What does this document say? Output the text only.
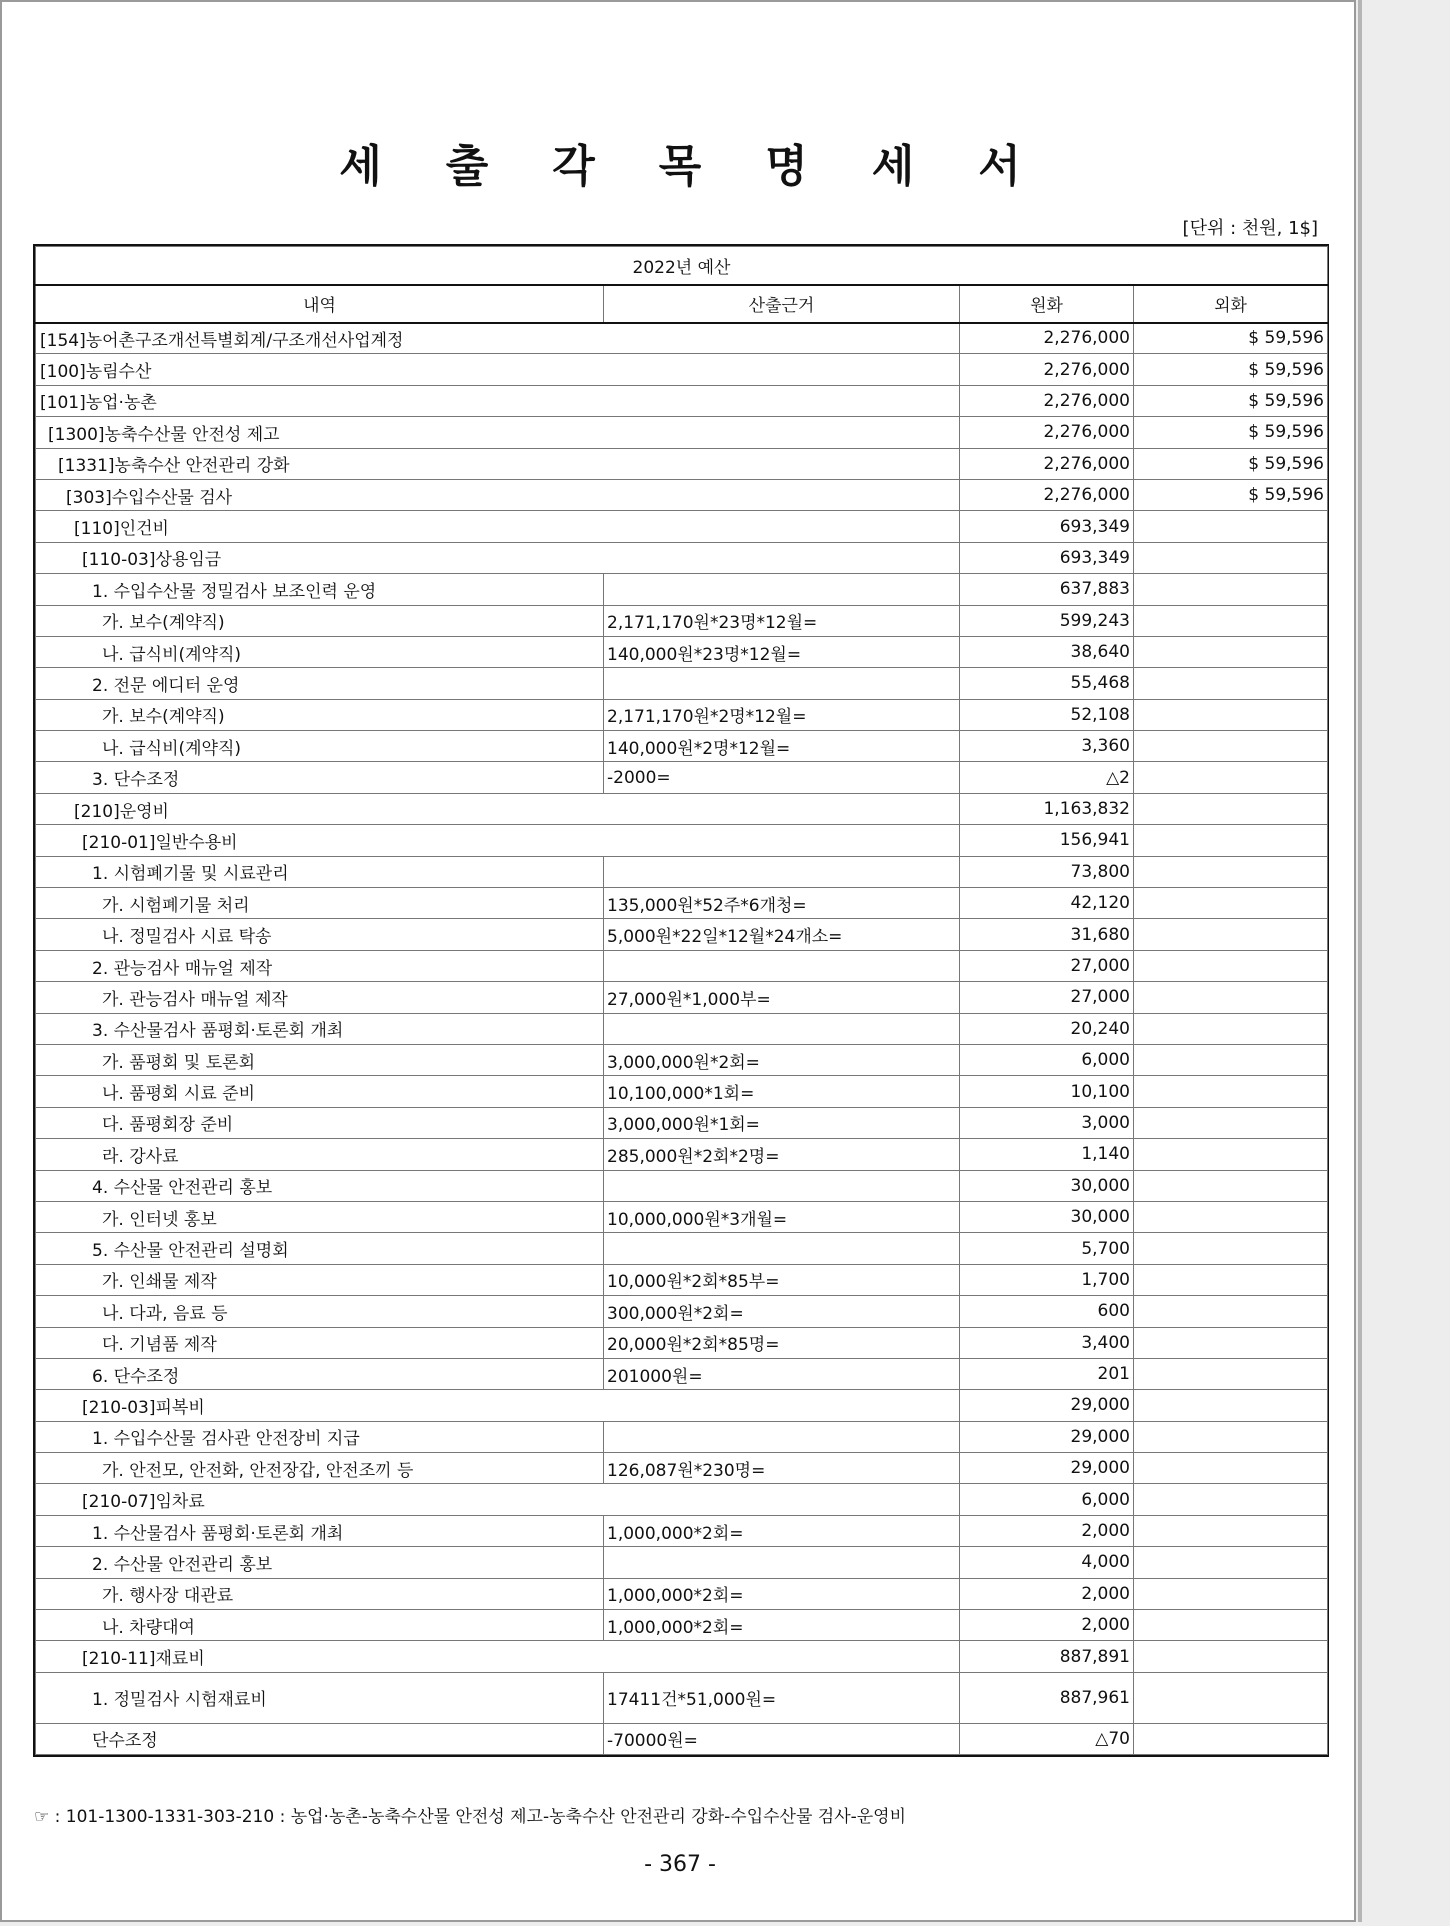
세 출 각 목 명 세 서
[단위 : 천원, 1$]
2022년 예산			
내역	산출근거	원화	외화
[154]농어촌구조개선특별회계/구조개선사업계정		2,276,000	$ 59,596
[100]농림수산		2,276,000	$ 59,596
[101]농업·농촌		2,276,000	$ 59,596
[1300]농축수산물 안전성 제고		2,276,000	$ 59,596
[1331]농축수산 안전관리 강화		2,276,000	$ 59,596
[303]수입수산물 검사		2,276,000	$ 59,596
[110]인건비		693,349	
[110-03]상용임금		693,349	
1. 수입수산물 정밀검사 보조인력 운영		637,883	
가. 보수(계약직)	2,171,170원*23명*12월=	599,243	
나. 급식비(계약직)	140,000원*23명*12월=	38,640	
2. 전문 에디터 운영		55,468	
가. 보수(계약직)	2,171,170원*2명*12월=	52,108	
나. 급식비(계약직)	140,000원*2명*12월=	3,360	
3. 단수조정	-2000=	△2	
[210]운영비		1,163,832	
[210-01]일반수용비		156,941	
1. 시험폐기물 및 시료관리		73,800	
가. 시험폐기물 처리	135,000원*52주*6개청=	42,120	
나. 정밀검사 시료 탁송	5,000원*22일*12월*24개소=	31,680	
2. 관능검사 매뉴얼 제작		27,000	
가. 관능검사 매뉴얼 제작	27,000원*1,000부=	27,000	
3. 수산물검사 품평회·토론회 개최		20,240	
가. 품평회 및 토론회	3,000,000원*2회=	6,000	
나. 품평회 시료 준비	10,100,000*1회=	10,100	
다. 품평회장 준비	3,000,000원*1회=	3,000	
라. 강사료	285,000원*2회*2명=	1,140	
4. 수산물 안전관리 홍보		30,000	
가. 인터넷 홍보	10,000,000원*3개월=	30,000	
5. 수산물 안전관리 설명회		5,700	
가. 인쇄물 제작	10,000원*2회*85부=	1,700	
나. 다과, 음료 등	300,000원*2회=	600	
다. 기념품 제작	20,000원*2회*85명=	3,400	
6. 단수조정	201000원=	201	
[210-03]피복비		29,000	
1. 수입수산물 검사관 안전장비 지급		29,000	
가. 안전모, 안전화, 안전장갑, 안전조끼 등	126,087원*230명=	29,000	
[210-07]임차료		6,000	
1. 수산물검사 품평회·토론회 개최	1,000,000*2회=	2,000	
2. 수산물 안전관리 홍보		4,000	
가. 행사장 대관료	1,000,000*2회=	2,000	
나. 차량대여	1,000,000*2회=	2,000	
[210-11]재료비		887,891	
1. 정밀검사 시험재료비	17411건*51,000원=	887,961	
단수조정	-70000원=	△70	
☞ : 101-1300-1331-303-210 : 농업·농촌-농축수산물 안전성 제고-농축수산 안전관리 강화-수입수산물 검사-운영비
- 367 -
